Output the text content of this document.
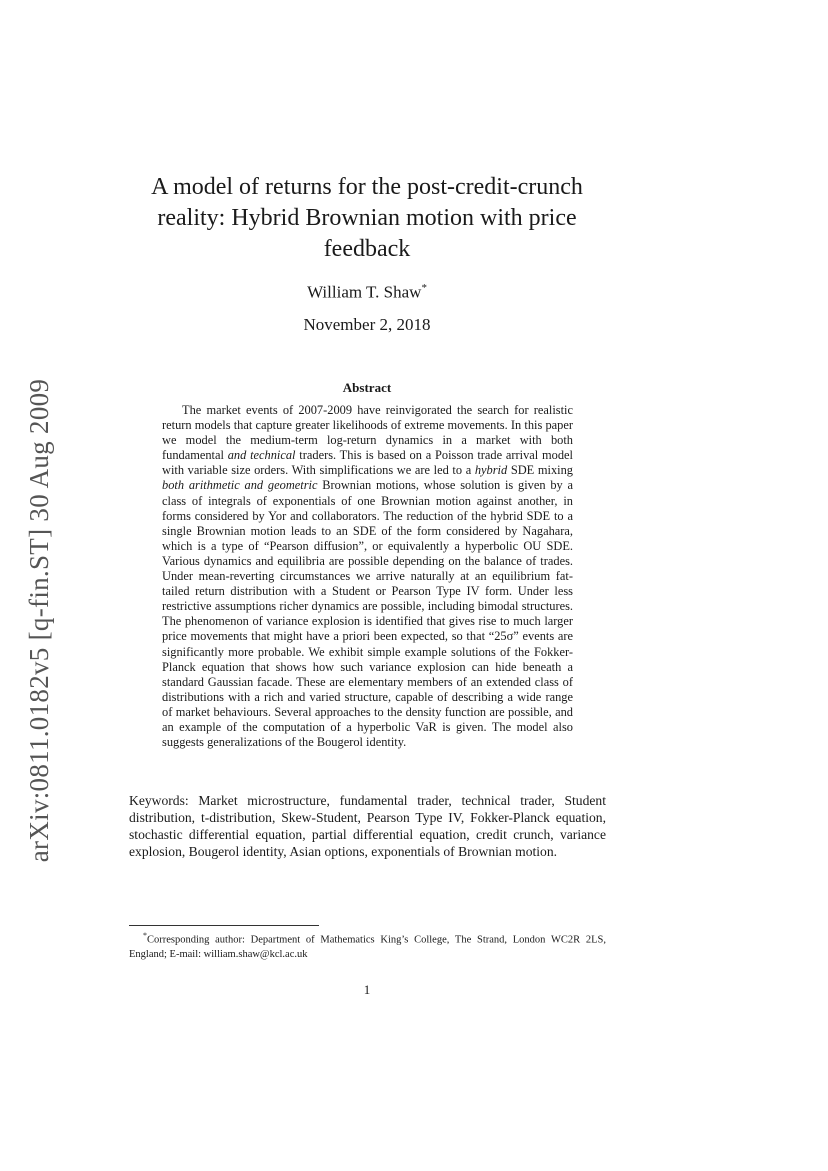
arXiv:0811.0182v5 [q-fin.ST] 30 Aug 2009
A model of returns for the post-credit-crunch reality: Hybrid Brownian motion with price feedback
William T. Shaw*
November 2, 2018
Abstract

The market events of 2007-2009 have reinvigorated the search for realistic return models that capture greater likelihoods of extreme movements. In this paper we model the medium-term log-return dynamics in a market with both fundamental and technical traders. This is based on a Poisson trade arrival model with variable size orders. With simplifications we are led to a hybrid SDE mixing both arithmetic and geometric Brownian motions, whose solution is given by a class of integrals of exponentials of one Brownian motion against another, in forms considered by Yor and collaborators. The reduction of the hybrid SDE to a single Brownian motion leads to an SDE of the form considered by Nagahara, which is a type of “Pearson diffusion”, or equivalently a hyperbolic OU SDE. Various dynamics and equilibria are possible depending on the balance of trades. Under mean-reverting circumstances we arrive naturally at an equilibrium fat-tailed return distribution with a Student or Pearson Type IV form. Under less restrictive assumptions richer dynamics are possible, including bimodal structures. The phenomenon of variance explosion is identified that gives rise to much larger price movements that might have a priori been expected, so that “25σ” events are significantly more probable. We exhibit simple example solutions of the Fokker-Planck equation that shows how such variance explosion can hide beneath a standard Gaussian facade. These are elementary members of an extended class of distributions with a rich and varied structure, capable of describing a wide range of market behaviours. Several approaches to the density function are possible, and an example of the computation of a hyperbolic VaR is given. The model also suggests generalizations of the Bougerol identity.

Keywords: Market microstructure, fundamental trader, technical trader, Student distribution, t-distribution, Skew-Student, Pearson Type IV, Fokker-Planck equation, stochastic differential equation, partial differential equation, credit crunch, variance explosion, Bougerol identity, Asian options, exponentials of Brownian motion.

*Corresponding author: Department of Mathematics King’s College, The Strand, London WC2R 2LS, England; E-mail: william.shaw@kcl.ac.uk

1
